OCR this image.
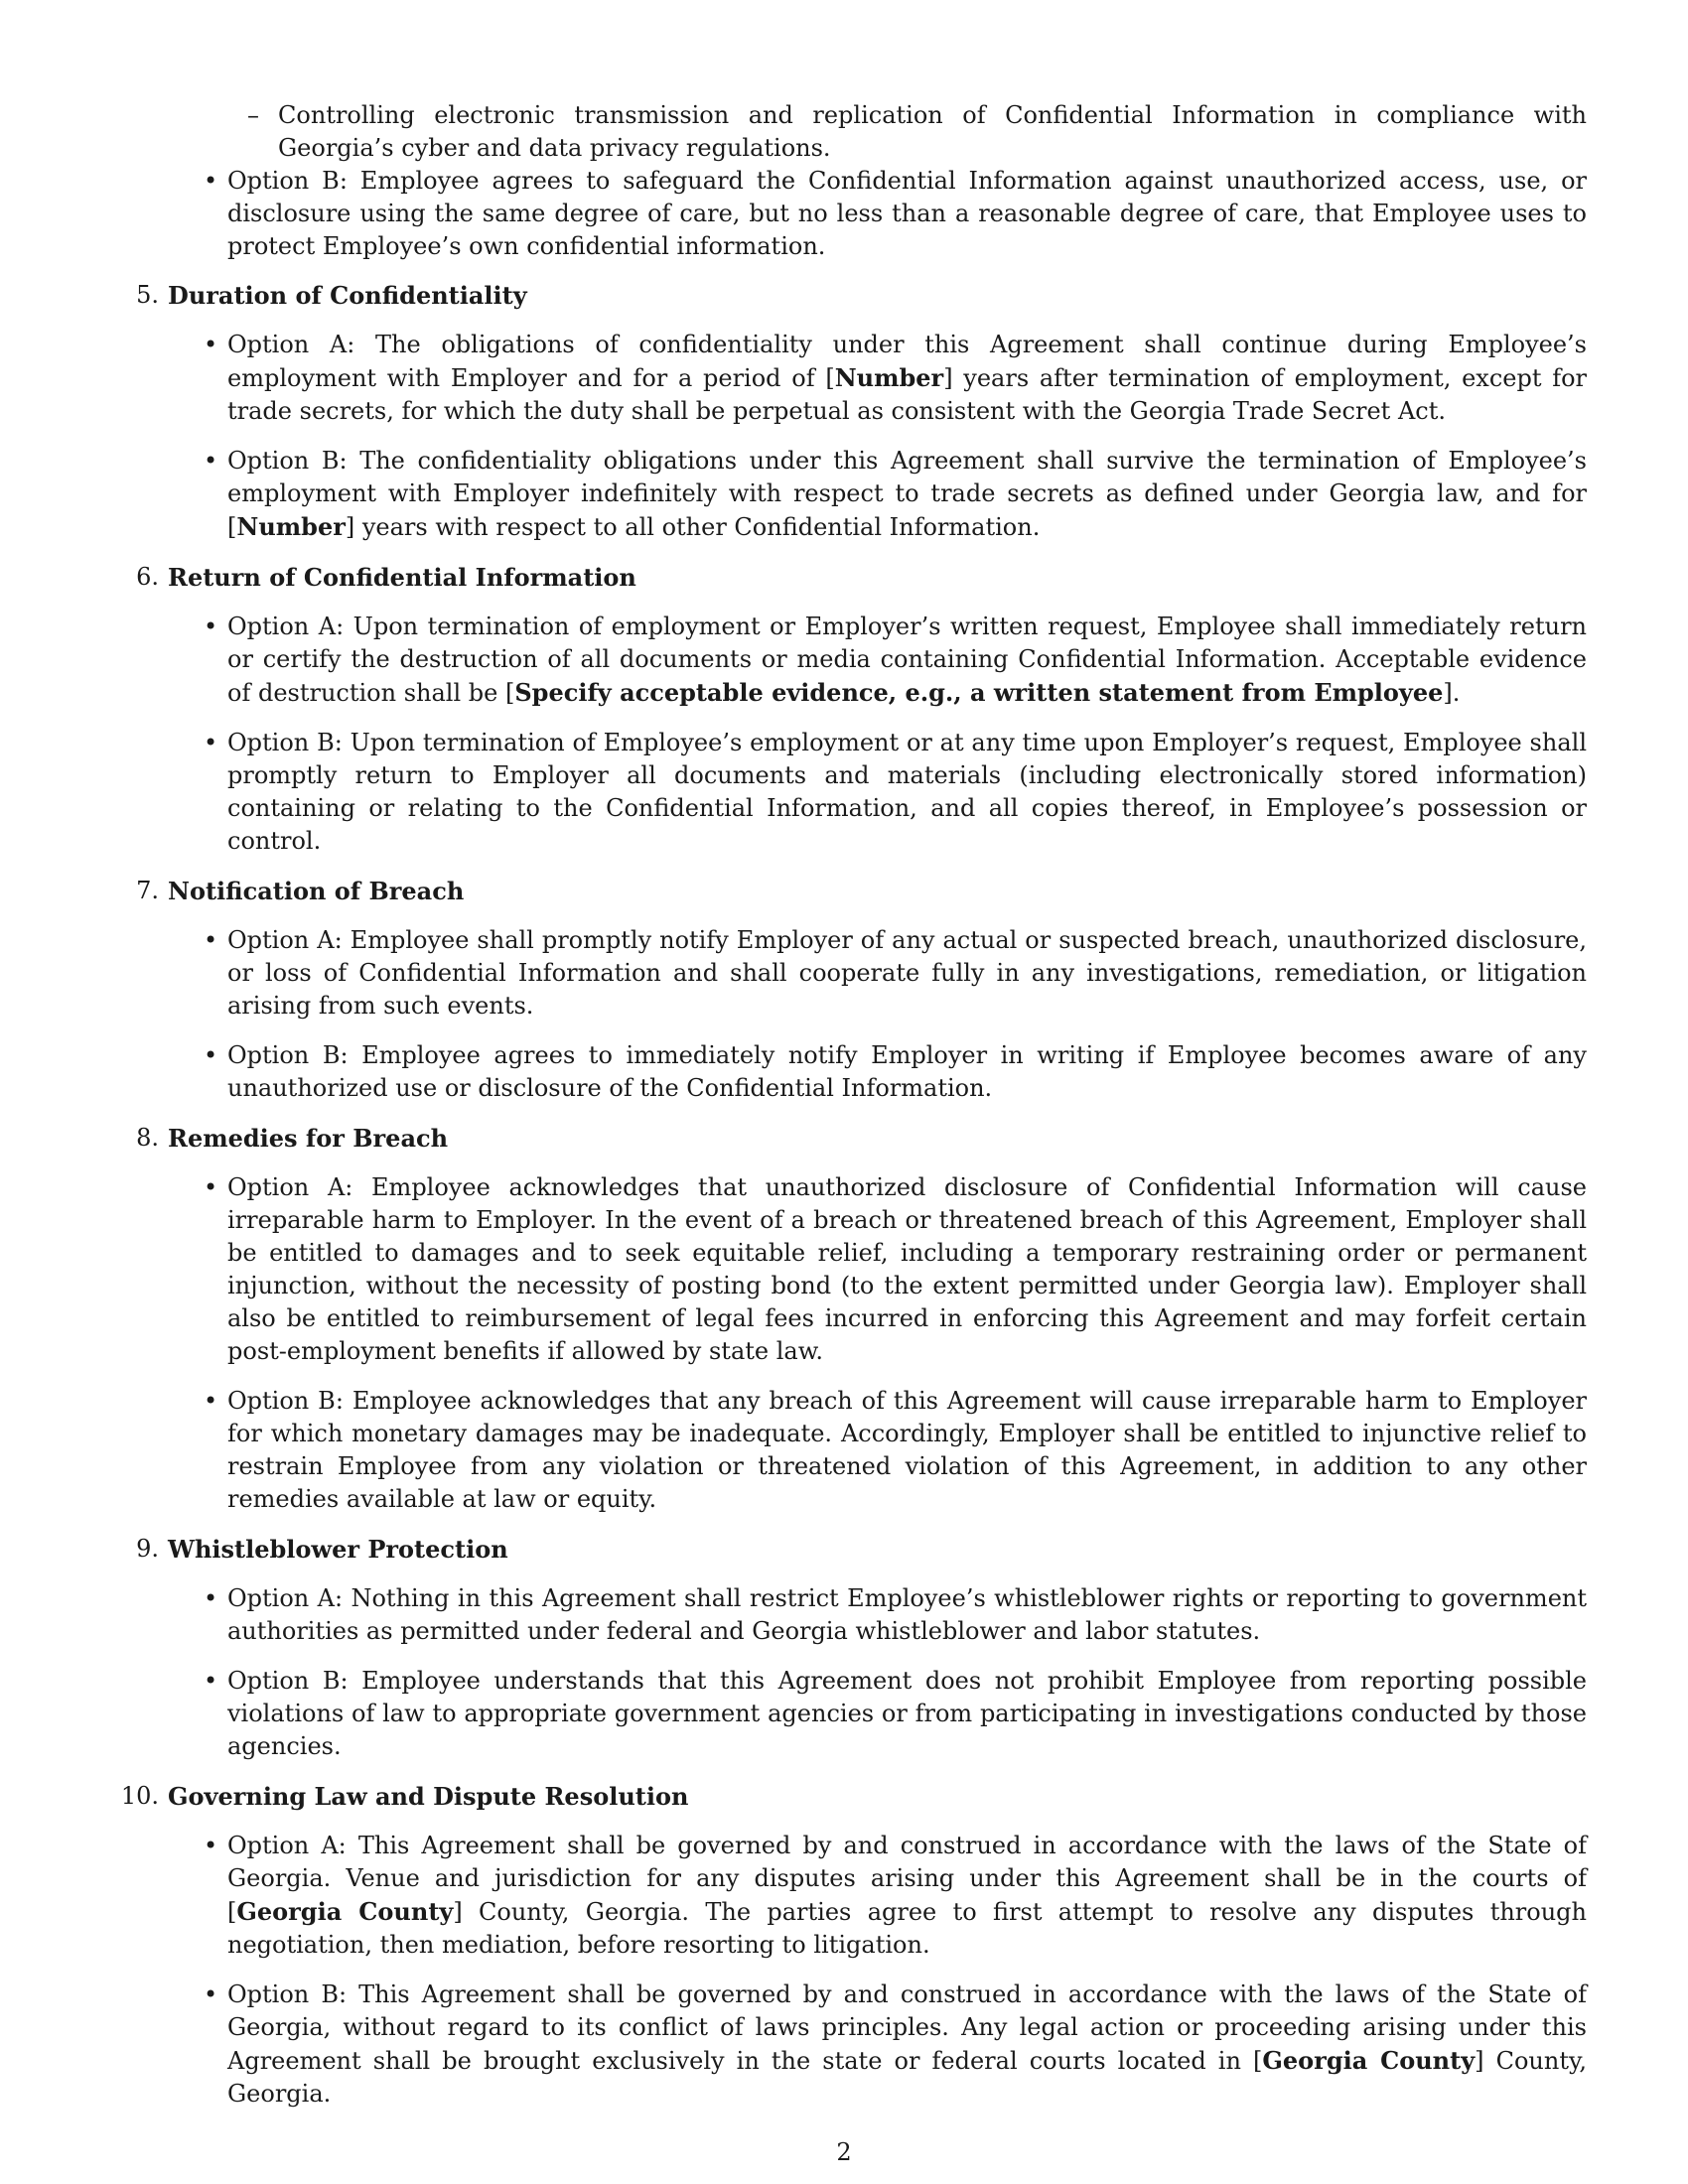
– Controlling electronic transmission and replication of Confidential Information in compliance with Georgia’s cyber and data privacy regulations.
• Option B: Employee agrees to safeguard the Confidential Information against unauthorized access, use, or disclosure using the same degree of care, but no less than a reasonable degree of care, that Employee uses to protect Employee’s own confidential information.
5. Duration of Confidentiality
• Option A: The obligations of confidentiality under this Agreement shall continue during Employee’s employment with Employer and for a period of [Number] years after termination of employment, except for trade secrets, for which the duty shall be perpetual as consistent with the Georgia Trade Secret Act.
• Option B: The confidentiality obligations under this Agreement shall survive the termination of Employee’s employment with Employer indefinitely with respect to trade secrets as defined under Georgia law, and for [Number] years with respect to all other Confidential Information.
6. Return of Confidential Information
• Option A: Upon termination of employment or Employer’s written request, Employee shall immediately return or certify the destruction of all documents or media containing Confidential Information. Acceptable evidence of destruction shall be [Specify acceptable evidence, e.g., a written statement from Employee].
• Option B: Upon termination of Employee’s employment or at any time upon Employer’s request, Employee shall promptly return to Employer all documents and materials (including electronically stored information) containing or relating to the Confidential Information, and all copies thereof, in Employee’s possession or control.
7. Notification of Breach
• Option A: Employee shall promptly notify Employer of any actual or suspected breach, unauthorized disclosure, or loss of Confidential Information and shall cooperate fully in any investigations, remediation, or litigation arising from such events.
• Option B: Employee agrees to immediately notify Employer in writing if Employee becomes aware of any unauthorized use or disclosure of the Confidential Information.
8. Remedies for Breach
• Option A: Employee acknowledges that unauthorized disclosure of Confidential Information will cause irreparable harm to Employer. In the event of a breach or threatened breach of this Agreement, Employer shall be entitled to damages and to seek equitable relief, including a temporary restraining order or permanent injunction, without the necessity of posting bond (to the extent permitted under Georgia law). Employer shall also be entitled to reimbursement of legal fees incurred in enforcing this Agreement and may forfeit certain post-employment benefits if allowed by state law.
• Option B: Employee acknowledges that any breach of this Agreement will cause irreparable harm to Employer for which monetary damages may be inadequate. Accordingly, Employer shall be entitled to injunctive relief to restrain Employee from any violation or threatened violation of this Agreement, in addition to any other remedies available at law or equity.
9. Whistleblower Protection
• Option A: Nothing in this Agreement shall restrict Employee’s whistleblower rights or reporting to government authorities as permitted under federal and Georgia whistleblower and labor statutes.
• Option B: Employee understands that this Agreement does not prohibit Employee from reporting possible violations of law to appropriate government agencies or from participating in investigations conducted by those agencies.
10. Governing Law and Dispute Resolution
• Option A: This Agreement shall be governed by and construed in accordance with the laws of the State of Georgia. Venue and jurisdiction for any disputes arising under this Agreement shall be in the courts of [Georgia County] County, Georgia. The parties agree to first attempt to resolve any disputes through negotiation, then mediation, before resorting to litigation.
• Option B: This Agreement shall be governed by and construed in accordance with the laws of the State of Georgia, without regard to its conflict of laws principles. Any legal action or proceeding arising under this Agreement shall be brought exclusively in the state or federal courts located in [Georgia County] County, Georgia.
2
